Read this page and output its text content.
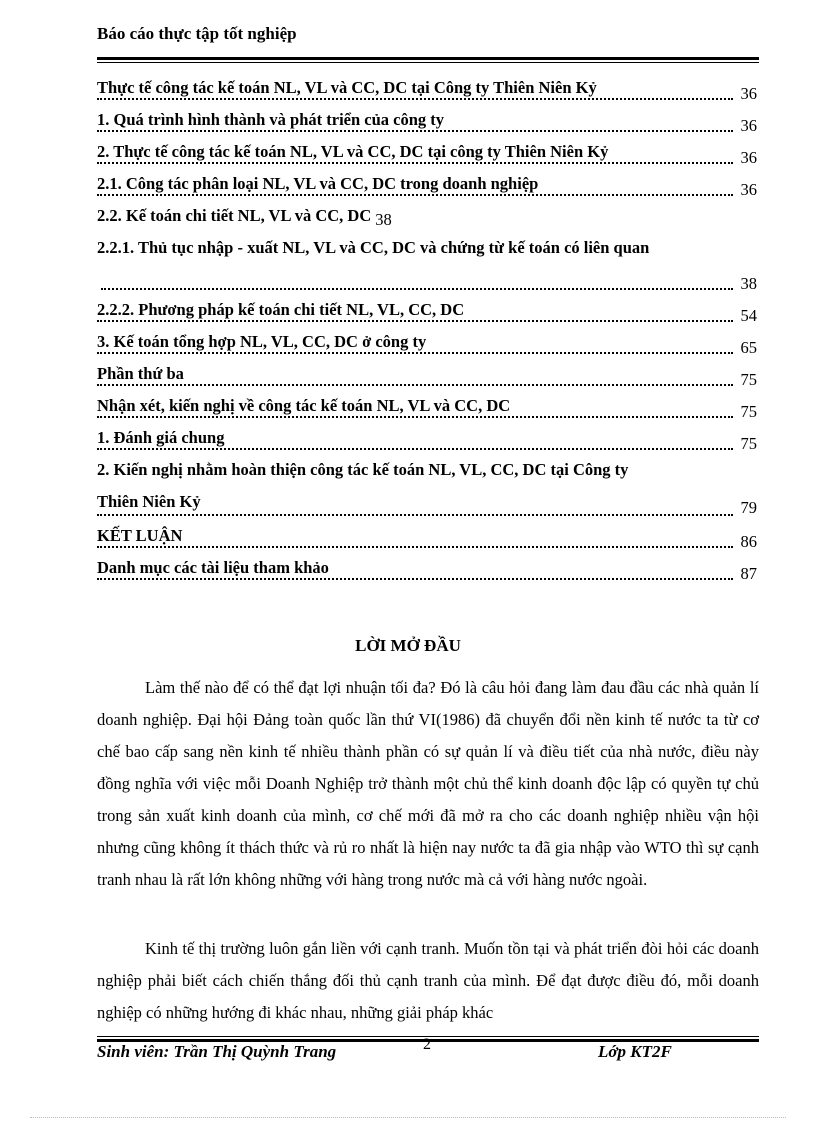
Báo cáo thực tập tốt nghiệp
Thực tế công tác kế toán NL, VL và CC, DC tại Công ty Thiên Niên Kỷ	36
1. Quá trình hình thành và phát triển của công ty	36
2. Thực tế công tác kế toán NL, VL và CC, DC tại công ty Thiên Niên Kỷ	36
2.1. Công tác phân loại NL, VL và CC, DC trong doanh nghiệp	36
2.2. Kế toán chi tiết NL, VL và CC, DC 38
2.2.1. Thủ tục nhập - xuất NL, VL và CC, DC và chứng từ kế toán có liên quan
38
2.2.2. Phương pháp kế toán chi tiết NL, VL, CC, DC	54
3. Kế toán tổng hợp NL, VL, CC, DC ở công ty	65
Phần thứ ba	75
Nhận xét, kiến nghị về công tác kế toán NL, VL và CC, DC	75
1. Đánh giá chung	75
2. Kiến nghị nhằm hoàn thiện công tác kế toán NL, VL, CC, DC tại Công ty
Thiên Niên Kỷ	79
KẾT LUẬN	86
Danh mục các tài liệu tham khảo	87
LỜI MỞ ĐẦU

Làm thế nào để có thể đạt lợi nhuận tối đa? Đó là câu hỏi đang làm đau đầu các nhà quản lí doanh nghiệp. Đại hội Đảng toàn quốc lần thứ VI(1986) đã chuyển đổi nền kinh tế nước ta từ cơ chế bao cấp sang nền kinh tế nhiều thành phần có sự quản lí và điều tiết của nhà nước, điều này đồng nghĩa với việc mỗi Doanh Nghiệp trở thành một chủ thể kinh doanh độc lập có quyền tự chủ trong sản xuất kinh doanh của mình, cơ chế mới đã mở ra cho các doanh nghiệp nhiều vận hội nhưng cũng không ít thách thức và rủ ro nhất là hiện nay nước ta đã gia nhập vào WTO thì sự cạnh tranh nhau là rất lớn không những với hàng trong nước mà cả với hàng nước ngoài.

Kinh tế thị trường luôn gắn liền với cạnh tranh. Muốn tồn tại và phát triển đòi hỏi các doanh nghiệp phải biết cách chiến thắng đối thủ cạnh tranh của mình. Để đạt được điều đó, mỗi doanh nghiệp có những hướng đi khác nhau, những giải pháp khác

Sinh viên: Trần Thị Quỳnh Trang	2	Lớp KT2F
